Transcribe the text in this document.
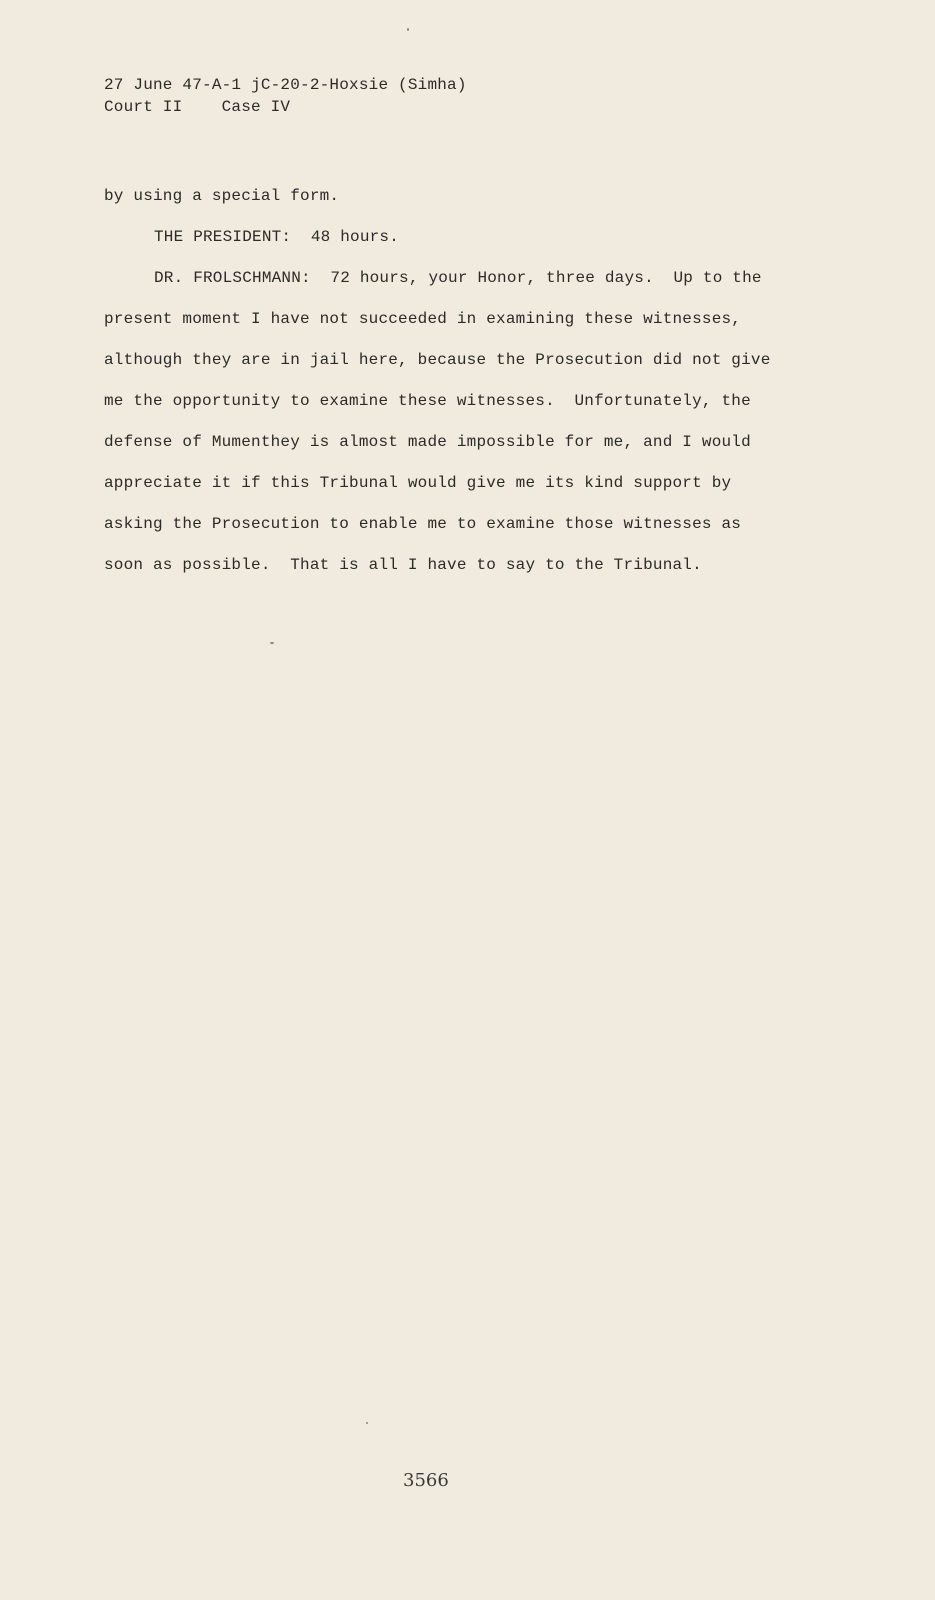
27 June 47-A-1 jC-20-2-Hoxsie (Simha)
Court II    Case IV
by using a special form.
THE PRESIDENT:  48 hours.
DR. FROLSCHMANN:  72 hours, your Honor, three days.  Up to the
present moment I have not succeeded in examining these witnesses,
although they are in jail here, because the Prosecution did not give
me the opportunity to examine these witnesses.  Unfortunately, the
defense of Mumenthey is almost made impossible for me, and I would
appreciate it if this Tribunal would give me its kind support by
asking the Prosecution to enable me to examine those witnesses as
soon as possible.  That is all I have to say to the Tribunal.
3566
